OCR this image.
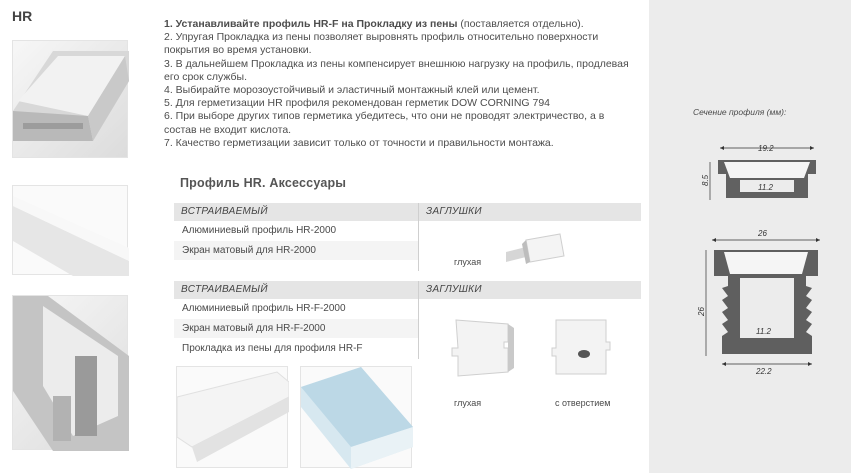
HR	1. Устанавливайте профиль HR-F на Прокладку из пены (поставляется отдельно).

2. Упругая Прокладка из пены позволяет выровнять профиль относительно поверхности покрытия во время установки.

3. В дальнейшем Прокладка из пены компенсирует внешнюю нагрузку на профиль, продлевая его срок службы.

4. Выбирайте морозоустойчивый и эластичный монтажный клей или цемент.

5. Для герметизации HR профиля рекомендован герметик DOW CORNING 794

6. При выборе других типов герметика убедитесь, что они не проводят электричество, а в состав не входит кислота.

7. Качество герметизации зависит только от точности и правильности монтажа.

Профиль HR. Аксессуары
ВСТРАИВАЕМЫЙ	ЗАГЛУШКИ
Алюминиевый профиль HR-2000
Экран матовый для HR-2000
глухая
ВСТРАИВАЕМЫЙ	ЗАГЛУШКИ
Алюминиевый профиль HR-F-2000
Экран матовый для HR-F-2000
Прокладка из пены для профиля HR-F
глухая	с отверстием
Сечение профиля (мм):
19.2
8.5
11.2
26
26
11.2
22.2
